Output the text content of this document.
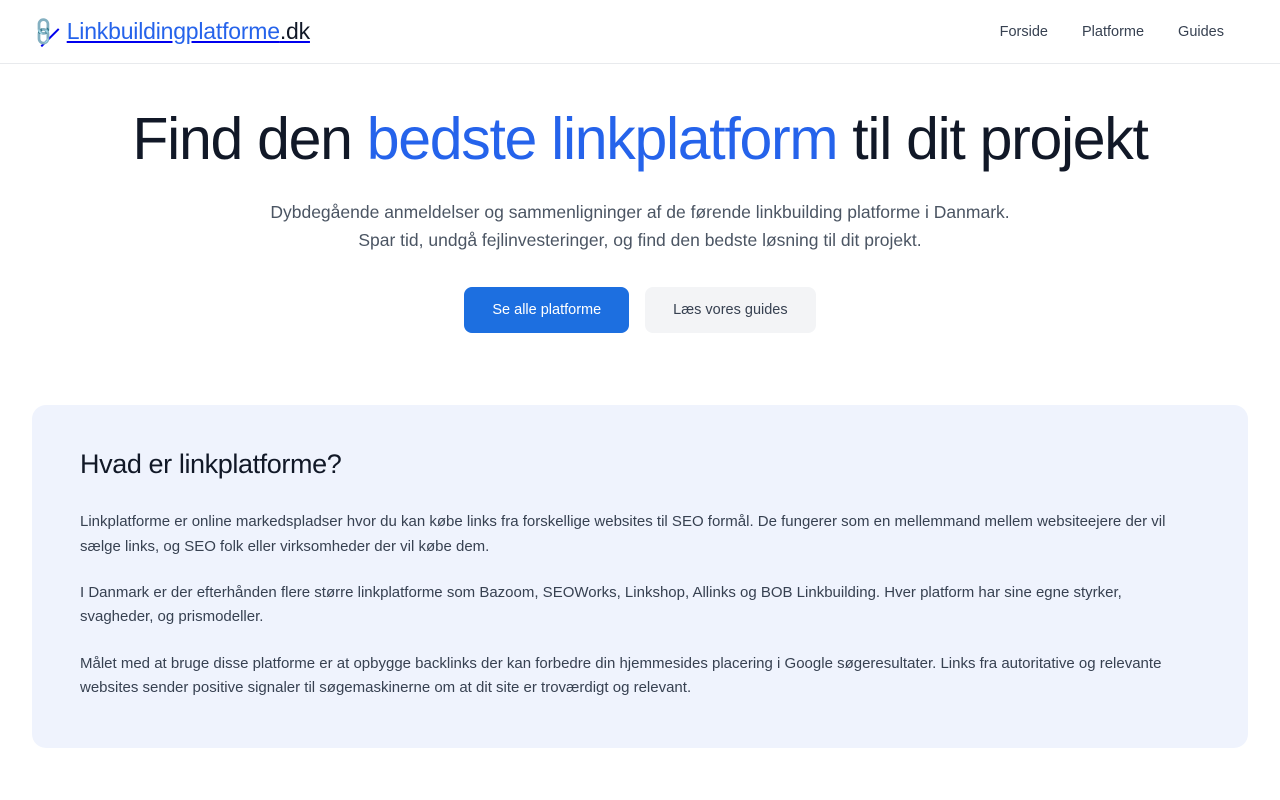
🔗 Linkbuildingplatforme.dk	Forside Platforme Guides
Find den bedste linkplatform til dit projekt

Dybdegående anmeldelser og sammenligninger af de førende linkbuilding platforme i Danmark. Spar tid, undgå fejlinvesteringer, og find den bedste løsning til dit projekt.

Se alle platforme	Læs vores guides
Hvad er linkplatforme?

Linkplatforme er online markedspladser hvor du kan købe links fra forskellige websites til SEO formål. De fungerer som en mellemmand mellem websiteejere der vil sælge links, og SEO folk eller virksomheder der vil købe dem.

I Danmark er der efterhånden flere større linkplatforme som Bazoom, SEOWorks, Linkshop, Allinks og BOB Linkbuilding. Hver platform har sine egne styrker, svagheder, og prismodeller.

Målet med at bruge disse platforme er at opbygge backlinks der kan forbedre din hjemmesides placering i Google søgeresultater. Links fra autoritative og relevante websites sender positive signaler til søgemaskinerne om at dit site er troværdigt og relevant.
